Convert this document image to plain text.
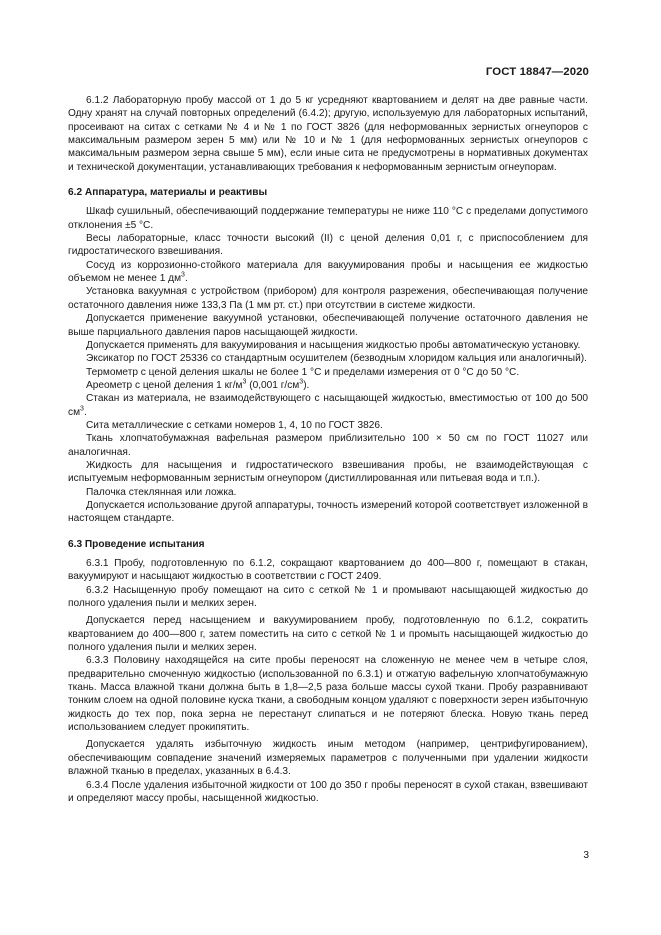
ГОСТ 18847—2020

6.1.2 Лабораторную пробу массой от 1 до 5 кг усредняют квартованием и делят на две равные части. Одну хранят на случай повторных определений (6.4.2); другую, используемую для лабораторных испытаний, просеивают на ситах с сетками № 4 и № 1 по ГОСТ 3826 (для неформованных зернистых огнеупоров с максимальным размером зерен 5 мм) или № 10 и № 1 (для неформованных зернистых огнеупоров с максимальным размером зерна свыше 5 мм), если иные сита не предусмотрены в нормативных документах и технической документации, устанавливающих требования к неформованным зернистым огнеупорам.

6.2 Аппаратура, материалы и реактивы

Шкаф сушильный, обеспечивающий поддержание температуры не ниже 110 °С с пределами допустимого отклонения ±5 °С.

Весы лабораторные, класс точности высокий (II) с ценой деления 0,01 г, с приспособлением для гидростатического взвешивания.

Сосуд из коррозионно-стойкого материала для вакуумирования пробы и насыщения ее жидкостью объемом не менее 1 $дм^3$.

Установка вакуумная с устройством (прибором) для контроля разрежения, обеспечивающая получение остаточного давления ниже 133,3 Па (1 мм рт. ст.) при отсутствии в системе жидкости.

Допускается применение вакуумной установки, обеспечивающей получение остаточного давления не выше парциального давления паров насыщающей жидкости.

Допускается применять для вакуумирования и насыщения жидкостью пробы автоматическую установку.

Эксикатор по ГОСТ 25336 со стандартным осушителем (безводным хлоридом кальция или аналогичный).

Термометр с ценой деления шкалы не более 1 °С и пределами измерения от 0 °С до 50 °С.

Ареометр с ценой деления 1 $кг/м^3$ (0,001 $г/см^3$).

Стакан из материала, не взаимодействующего с насыщающей жидкостью, вместимостью от 100 до 500 $см^3$.

Сита металлические с сетками номеров 1, 4, 10 по ГОСТ 3826.

Ткань хлопчатобумажная вафельная размером приблизительно 100 × 50 см по ГОСТ 11027 или аналогичная.

Жидкость для насыщения и гидростатического взвешивания пробы, не взаимодействующая с испытуемым неформованным зернистым огнеупором (дистиллированная или питьевая вода и т.п.).

Палочка стеклянная или ложка.

Допускается использование другой аппаратуры, точность измерений которой соответствует изложенной в настоящем стандарте.

6.3 Проведение испытания

6.3.1 Пробу, подготовленную по 6.1.2, сокращают квартованием до 400—800 г, помещают в стакан, вакуумируют и насыщают жидкостью в соответствии с ГОСТ 2409.

6.3.2 Насыщенную пробу помещают на сито с сеткой № 1 и промывают насыщающей жидкостью до полного удаления пыли и мелких зерен.

Допускается перед насыщением и вакуумированием пробу, подготовленную по 6.1.2, сократить квартованием до 400—800 г, затем поместить на сито с сеткой № 1 и промыть насыщающей жидкостью до полного удаления пыли и мелких зерен.

6.3.3 Половину находящейся на сите пробы переносят на сложенную не менее чем в четыре слоя, предварительно смоченную жидкостью (использованной по 6.3.1) и отжатую вафельную хлопчатобумажную ткань. Масса влажной ткани должна быть в 1,8—2,5 раза больше массы сухой ткани. Пробу разравнивают тонким слоем на одной половине куска ткани, а свободным концом удаляют с поверхности зерен избыточную жидкость до тех пор, пока зерна не перестанут слипаться и не потеряют блеска. Новую ткань перед использованием следует прокипятить.

Допускается удалять избыточную жидкость иным методом (например, центрифугированием), обеспечивающим совпадение значений измеряемых параметров с полученными при удалении жидкости влажной тканью в пределах, указанных в 6.4.3.

6.3.4 После удаления избыточной жидкости от 100 до 350 г пробы переносят в сухой стакан, взвешивают и определяют массу пробы, насыщенной жидкостью.

3
